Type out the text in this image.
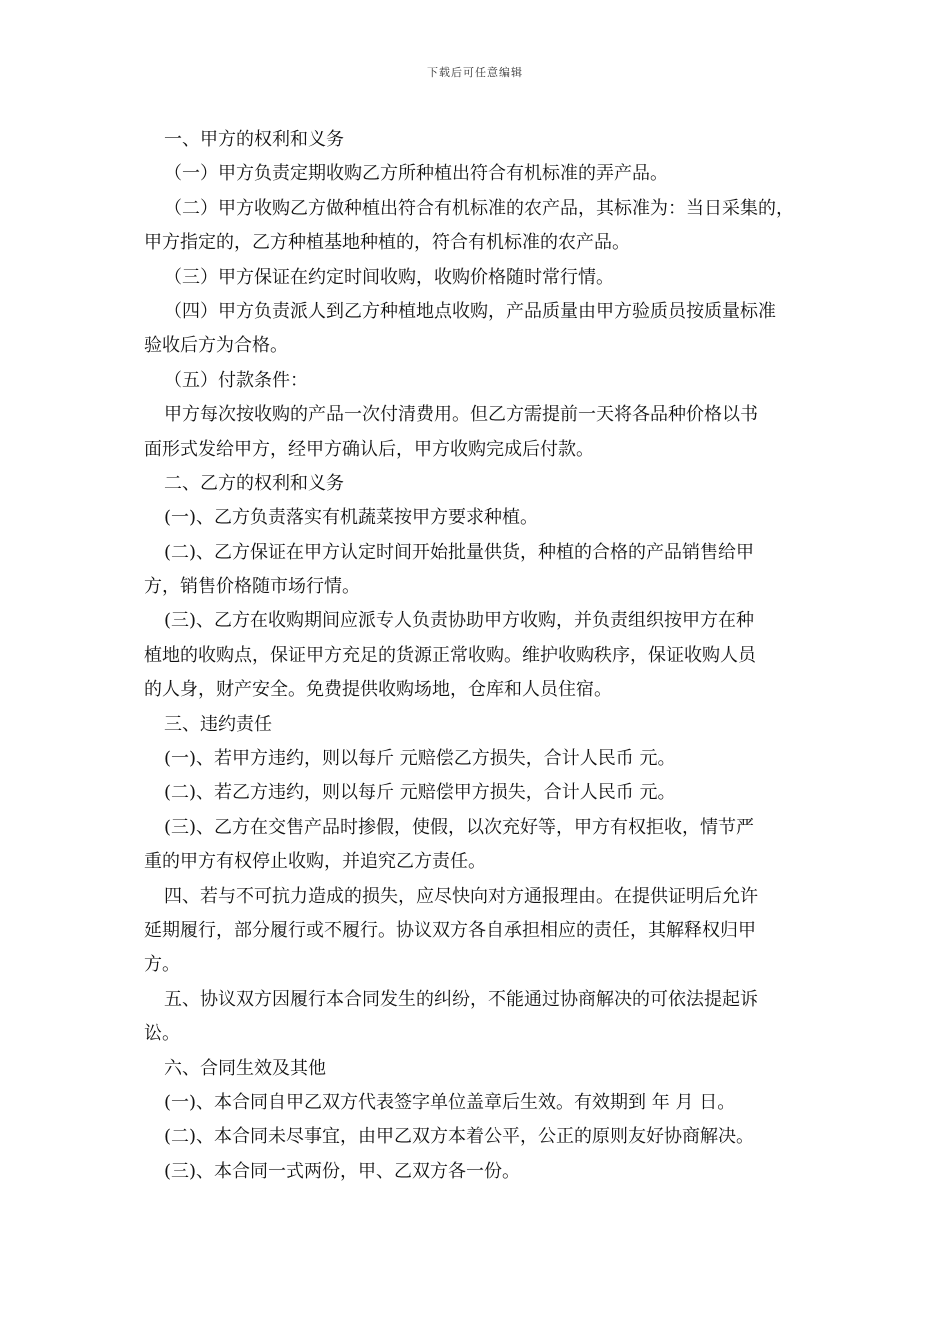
下载后可任意编辑
一、甲方的权利和义务
（一）甲方负责定期收购乙方所种植出符合有机标准的弄产品。
（二）甲方收购乙方做种植出符合有机标准的农产品，其标准为：当日采集的，
甲方指定的，乙方种植基地种植的，符合有机标准的农产品。
（三）甲方保证在约定时间收购，收购价格随时常行情。
（四）甲方负责派人到乙方种植地点收购，产品质量由甲方验质员按质量标准
验收后方为合格。
（五）付款条件：
甲方每次按收购的产品一次付清费用。但乙方需提前一天将各品种价格以书
面形式发给甲方，经甲方确认后，甲方收购完成后付款。
二、乙方的权利和义务
(一)、乙方负责落实有机蔬菜按甲方要求种植。
(二)、乙方保证在甲方认定时间开始批量供货，种植的合格的产品销售给甲
方，销售价格随市场行情。
(三)、乙方在收购期间应派专人负责协助甲方收购，并负责组织按甲方在种
植地的收购点，保证甲方充足的货源正常收购。维护收购秩序，保证收购人员
的人身，财产安全。免费提供收购场地，仓库和人员住宿。
三、违约责任
(一)、若甲方违约，则以每斤 元赔偿乙方损失，合计人民币 元。
(二)、若乙方违约，则以每斤 元赔偿甲方损失，合计人民币 元。
(三)、乙方在交售产品时掺假，使假，以次充好等，甲方有权拒收，情节严
重的甲方有权停止收购，并追究乙方责任。
四、若与不可抗力造成的损失，应尽快向对方通报理由。在提供证明后允许
延期履行，部分履行或不履行。协议双方各自承担相应的责任，其解释权归甲
方。
五、协议双方因履行本合同发生的纠纷，不能通过协商解决的可依法提起诉
讼。
六、合同生效及其他
(一)、本合同自甲乙双方代表签字单位盖章后生效。有效期到 年 月 日。
(二)、本合同未尽事宜，由甲乙双方本着公平，公正的原则友好协商解决。
(三)、本合同一式两份，甲、乙双方各一份。
